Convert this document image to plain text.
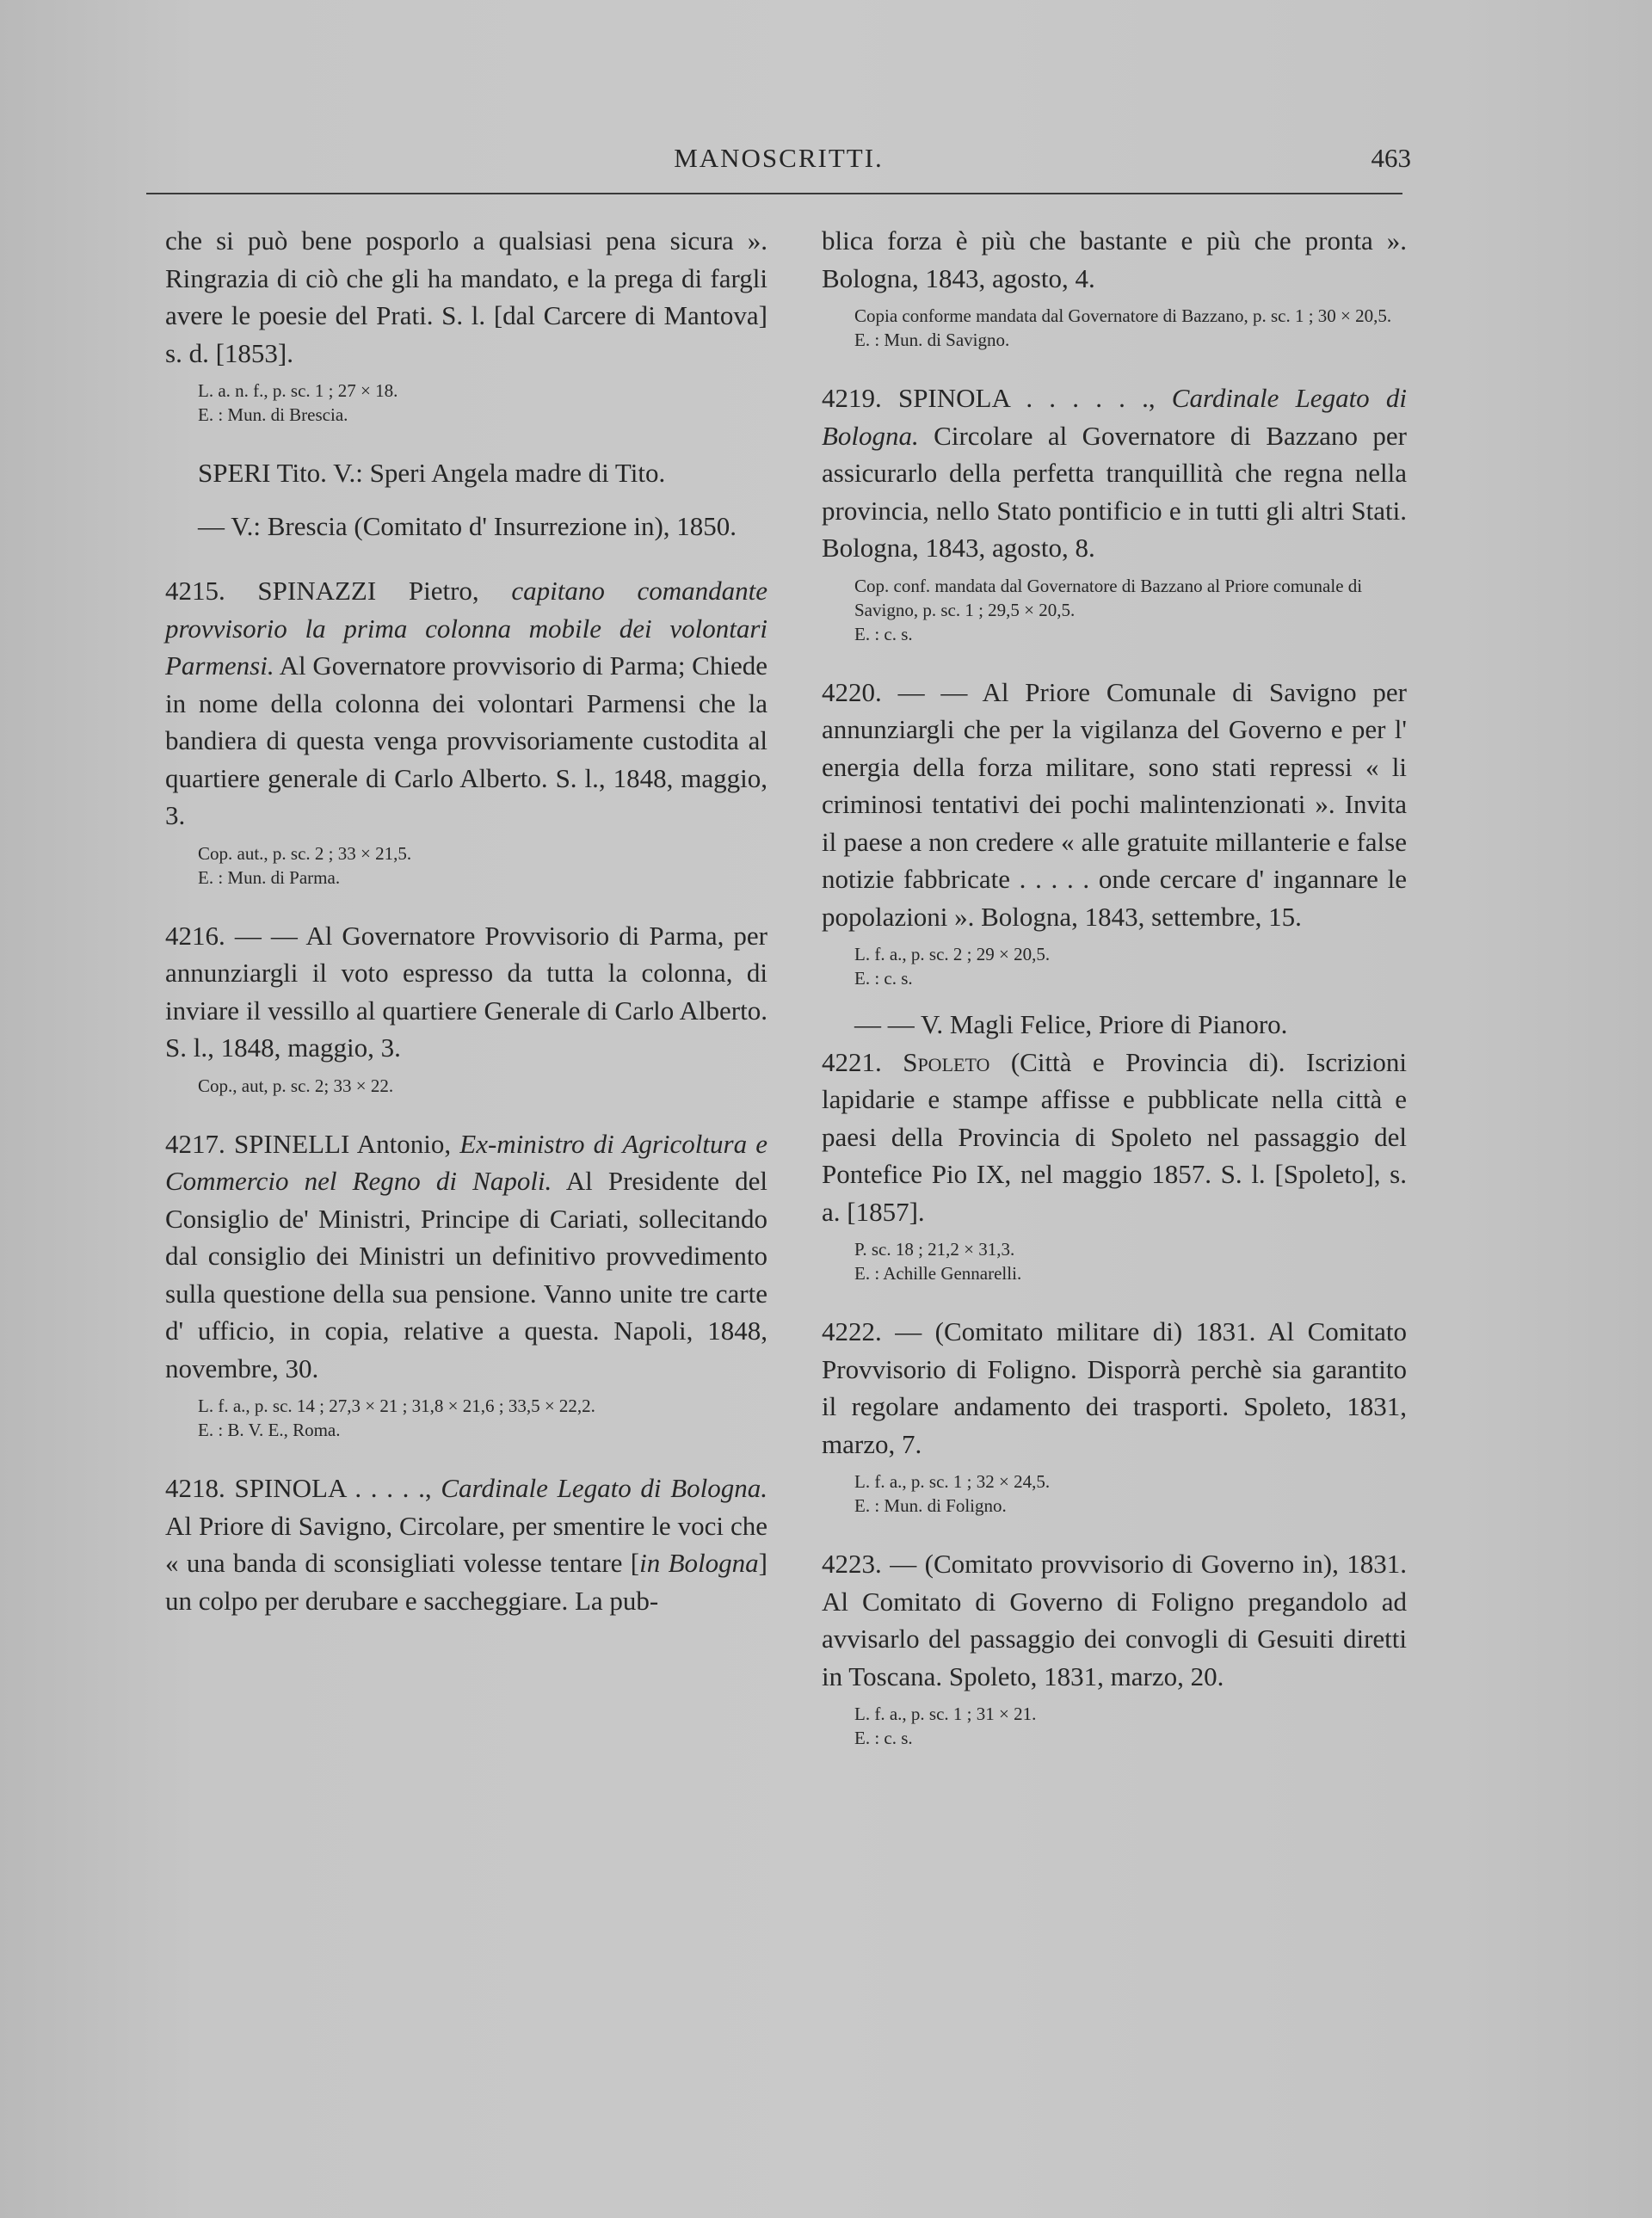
MANOSCRITTI.	463
che si può bene posporlo a qualsiasi pena sicura ». Ringrazia di ciò che gli ha mandato, e la prega di fargli avere le poesie del Prati. S. l. [dal Carcere di Mantova] s. d. [1853].
L. a. n. f., p. sc. 1 ; 27 × 18.
E. : Mun. di Brescia.
SPERI Tito. V.: Speri Angela madre di Tito.
— V.: Brescia (Comitato d' Insurrezione in), 1850.
4215. SPINAZZI Pietro, capitano comandante provvisorio la prima colonna mobile dei volontari Parmensi. Al Governatore provvisorio di Parma; Chiede in nome della colonna dei volontari Parmensi che la bandiera di questa venga provvisoriamente custodita al quartiere generale di Carlo Alberto. S. l., 1848, maggio, 3.
Cop. aut., p. sc. 2 ; 33 × 21,5.
E. : Mun. di Parma.
4216. — — Al Governatore Provvisorio di Parma, per annunziargli il voto espresso da tutta la colonna, di inviare il vessillo al quartiere Generale di Carlo Alberto. S. l., 1848, maggio, 3.
Cop., aut, p. sc. 2; 33 × 22.
4217. SPINELLI Antonio, Ex-ministro di Agricoltura e Commercio nel Regno di Napoli. Al Presidente del Consiglio de' Ministri, Principe di Cariati, sollecitando dal consiglio dei Ministri un definitivo provvedimento sulla questione della sua pensione. Vanno unite tre carte d' ufficio, in copia, relative a questa. Napoli, 1848, novembre, 30.
L. f. a., p. sc. 14 ; 27,3 × 21 ; 31,8 × 21,6 ; 33,5 × 22,2.
E. : B. V. E., Roma.
4218. SPINOLA . . . . ., Cardinale Legato di Bologna. Al Priore di Savigno, Circolare, per smentire le voci che « una banda di sconsigliati volesse tentare [in Bologna] un colpo per derubare e saccheggiare. La pub-
blica forza è più che bastante e più che pronta ». Bologna, 1843, agosto, 4.
Copia conforme mandata dal Governatore di Bazzano, p. sc. 1 ; 30 × 20,5.
E. : Mun. di Savigno.
4219. SPINOLA . . . . . ., Cardinale Legato di Bologna. Circolare al Governatore di Bazzano per assicurarlo della perfetta tranquillità che regna nella provincia, nello Stato pontificio e in tutti gli altri Stati. Bologna, 1843, agosto, 8.
Cop. conf. mandata dal Governatore di Bazzano al Priore comunale di Savigno, p. sc. 1 ; 29,5 × 20,5.
E. : c. s.
4220. — — Al Priore Comunale di Savigno per annunziargli che per la vigilanza del Governo e per l' energia della forza militare, sono stati repressi « li criminosi tentativi dei pochi malintenzionati ». Invita il paese a non credere « alle gratuite millanterie e false notizie fabbricate . . . . . onde cercare d' ingannare le popolazioni ». Bologna, 1843, settembre, 15.
L. f. a., p. sc. 2 ; 29 × 20,5.
E. : c. s.
— — V. Magli Felice, Priore di Pianoro.
4221. Spoleto (Città e Provincia di). Iscrizioni lapidarie e stampe affisse e pubblicate nella città e paesi della Provincia di Spoleto nel passaggio del Pontefice Pio IX, nel maggio 1857. S. l. [Spoleto], s. a. [1857].
P. sc. 18 ; 21,2 × 31,3.
E. : Achille Gennarelli.
4222. — (Comitato militare di) 1831. Al Comitato Provvisorio di Foligno. Disporrà perchè sia garantito il regolare andamento dei trasporti. Spoleto, 1831, marzo, 7.
L. f. a., p. sc. 1 ; 32 × 24,5.
E. : Mun. di Foligno.
4223. — (Comitato provvisorio di Governo in), 1831. Al Comitato di Governo di Foligno pregandolo ad avvisarlo del passaggio dei convogli di Gesuiti diretti in Toscana. Spoleto, 1831, marzo, 20.
L. f. a., p. sc. 1 ; 31 × 21.
E. : c. s.
